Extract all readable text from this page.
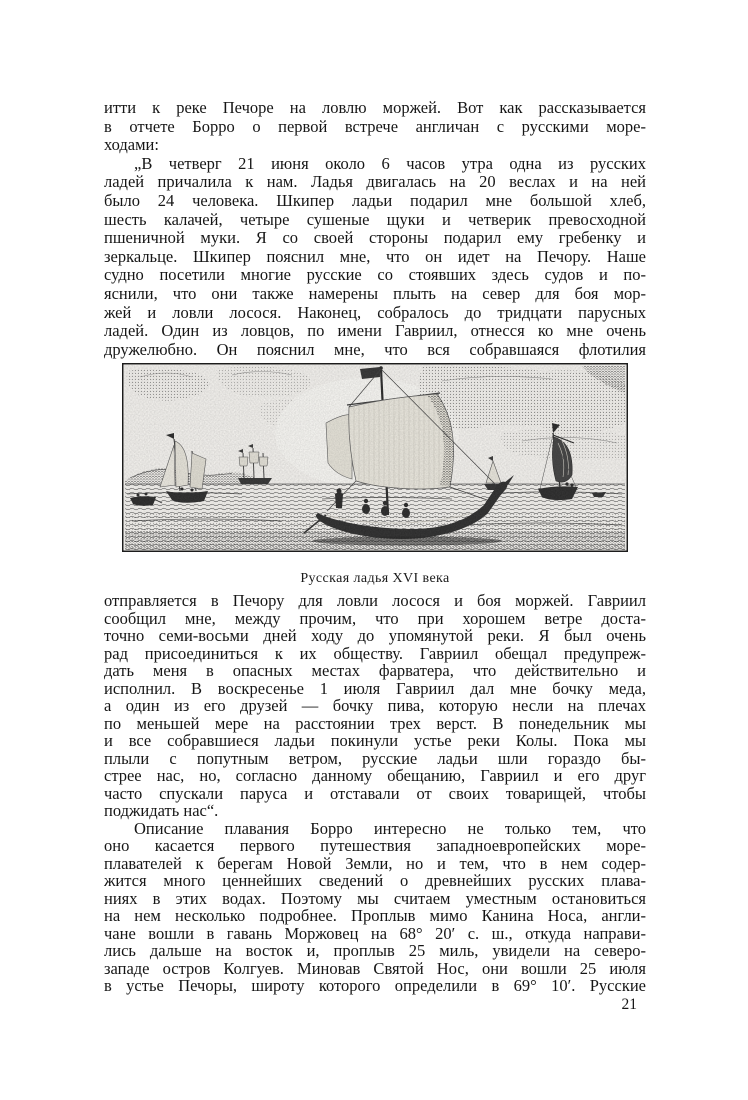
итти к реке Печоре на ловлю моржей. Вот как рассказывается

в отчете Борро о первой встрече англичан с русскими море-

ходами:

„В четверг 21 июня около 6 часов утра одна из русских

ладей причалила к нам. Ладья двигалась на 20 веслах и на ней

было 24 человека. Шкипер ладьи подарил мне большой хлеб,

шесть калачей, четыре сушеные щуки и четверик превосходной

пшеничной муки. Я со своей стороны подарил ему гребенку и

зеркальце. Шкипер пояснил мне, что он идет на Печору. Наше

судно посетили многие русские со стоявших здесь судов и по-

яснили, что они также намерены плыть на север для боя мор-

жей и ловли лосося. Наконец, собралось до тридцати парусных

ладей. Один из ловцов, по имени Гавриил, отнесся ко мне очень

дружелюбно. Он пояснил мне, что вся собравшаяся флотилия

Русская ладья XVI века

отправляется в Печору для ловли лосося и боя моржей. Гавриил

сообщил мне, между прочим, что при хорошем ветре доста-

точно семи-восьми дней ходу до упомянутой реки. Я был очень

рад присоединиться к их обществу. Гавриил обещал предупреж-

дать меня в опасных местах фарватера, что действительно и

исполнил. В воскресенье 1 июля Гавриил дал мне бочку меда,

а один из его друзей — бочку пива, которую несли на плечах

по меньшей мере на расстоянии трех верст. В понедельник мы

и все собравшиеся ладьи покинули устье реки Колы. Пока мы

плыли с попутным ветром, русские ладьи шли гораздо бы-

стрее нас, но, согласно данному обещанию, Гавриил и его друг

часто спускали паруса и отставали от своих товарищей, чтобы

поджидать нас“.

Описание плавания Борро интересно не только тем, что

оно касается первого путешествия западноевропейских море-

плавателей к берегам Новой Земли, но и тем, что в нем содер-

жится много ценнейших сведений о древнейших русских плава-

ниях в этих водах. Поэтому мы считаем уместным остановиться

на нем несколько подробнее. Проплыв мимо Канина Носа, англи-

чане вошли в гавань Моржовец на 68° 20′ с. ш., откуда направи-

лись дальше на восток и, проплыв 25 миль, увидели на северо-

западе остров Колгуев. Миновав Святой Нос, они вошли 25 июля

в устье Печоры, широту которого определили в 69° 10′. Русские

21
